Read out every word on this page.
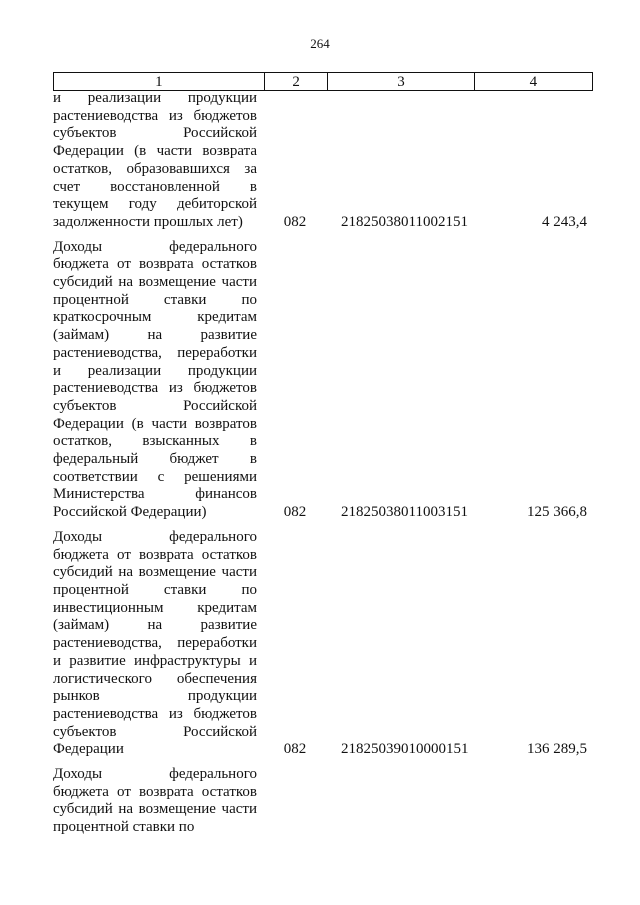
264
1	2	3	4
и реализации продукции
растениеводства из бюджетов
субъектов Российской
Федерации (в части возврата
остатков, образовавшихся за
счет восстановленной в
текущем году дебиторской
задолженности прошлых лет)	082	21825038011002151	4 243,4
Доходы федерального
бюджета от возврата остатков
субсидий на возмещение части
процентной ставки по
краткосрочным кредитам
(займам) на развитие
растениеводства, переработки
и реализации продукции
растениеводства из бюджетов
субъектов Российской
Федерации (в части возвратов
остатков, взысканных в
федеральный бюджет в
соответствии с решениями
Министерства финансов
Российской Федерации)	082	21825038011003151	125 366,8
Доходы федерального
бюджета от возврата остатков
субсидий на возмещение части
процентной ставки по
инвестиционным кредитам
(займам) на развитие
растениеводства, переработки
и развитие инфраструктуры и
логистического обеспечения
рынков продукции
растениеводства из бюджетов
субъектов Российской
Федерации	082	21825039010000151	136 289,5
Доходы федерального
бюджета от возврата остатков
субсидий на возмещение части
процентной ставки по
